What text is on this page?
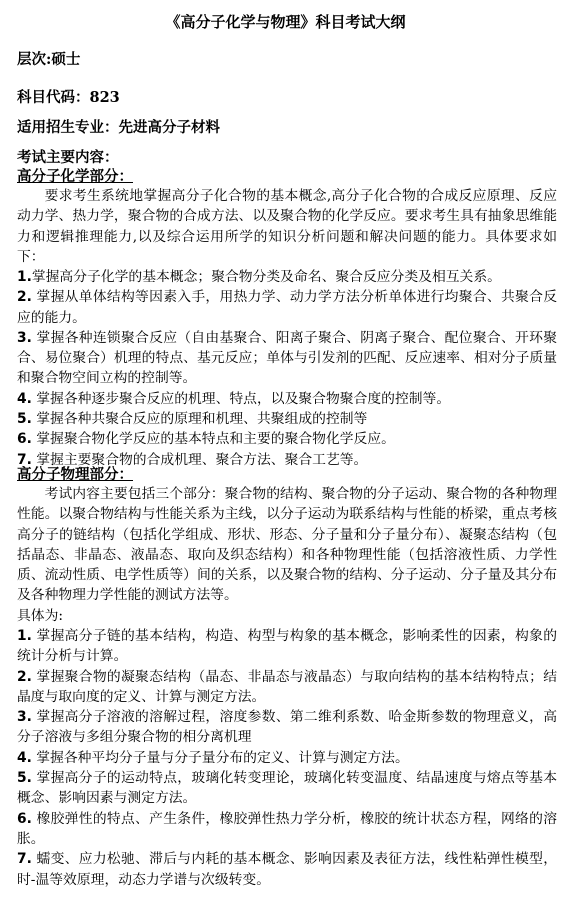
《高分子化学与物理》科目考试大纲
层次:硕士
科目代码：823
适用招生专业：先进高分子材料
考试主要内容：
高分子化学部分：
要求考生系统地掌握高分子化合物的基本概念,高分子化合物的合成反应原理、反应动力学、热力学，聚合物的合成方法、以及聚合物的化学反应。要求考生具有抽象思维能力和逻辑推理能力,以及综合运用所学的知识分析问题和解决问题的能力。具体要求如下：
1.掌握高分子化学的基本概念；聚合物分类及命名、聚合反应分类及相互关系。
2. 掌握从单体结构等因素入手，用热力学、动力学方法分析单体进行均聚合、共聚合反应的能力。
3. 掌握各种连锁聚合反应（自由基聚合、阳离子聚合、阴离子聚合、配位聚合、开环聚合、易位聚合）机理的特点、基元反应；单体与引发剂的匹配、反应速率、相对分子质量和聚合物空间立构的控制等。
4. 掌握各种逐步聚合反应的机理、特点，以及聚合物聚合度的控制等。
5. 掌握各种共聚合反应的原理和机理、共聚组成的控制等
6. 掌握聚合物化学反应的基本特点和主要的聚合物化学反应。
7. 掌握主要聚合物的合成机理、聚合方法、聚合工艺等。
高分子物理部分：
考试内容主要包括三个部分：聚合物的结构、聚合物的分子运动、聚合物的各种物理性能。以聚合物结构与性能关系为主线，以分子运动为联系结构与性能的桥梁，重点考核高分子的链结构（包括化学组成、形状、形态、分子量和分子量分布）、凝聚态结构（包括晶态、非晶态、液晶态、取向及织态结构）和各种物理性能（包括溶液性质、力学性质、流动性质、电学性质等）间的关系，以及聚合物的结构、分子运动、分子量及其分布及各种物理力学性能的测试方法等。
具体为:
1. 掌握高分子链的基本结构，构造、构型与构象的基本概念，影响柔性的因素，构象的统计分析与计算。
2. 掌握聚合物的凝聚态结构（晶态、非晶态与液晶态）与取向结构的基本结构特点；结晶度与取向度的定义、计算与测定方法。
3. 掌握高分子溶液的溶解过程，溶度参数、第二维利系数、哈金斯参数的物理意义，高分子溶液与多组分聚合物的相分离机理
4. 掌握各种平均分子量与分子量分布的定义、计算与测定方法。
5. 掌握高分子的运动特点，玻璃化转变理论，玻璃化转变温度、结晶速度与熔点等基本概念、影响因素与测定方法。
6. 橡胶弹性的特点、产生条件，橡胶弹性热力学分析，橡胶的统计状态方程，网络的溶胀。
7. 蠕变、应力松驰、滞后与内耗的基本概念、影响因素及表征方法，线性粘弹性模型，时-温等效原理，动态力学谱与次级转变。
